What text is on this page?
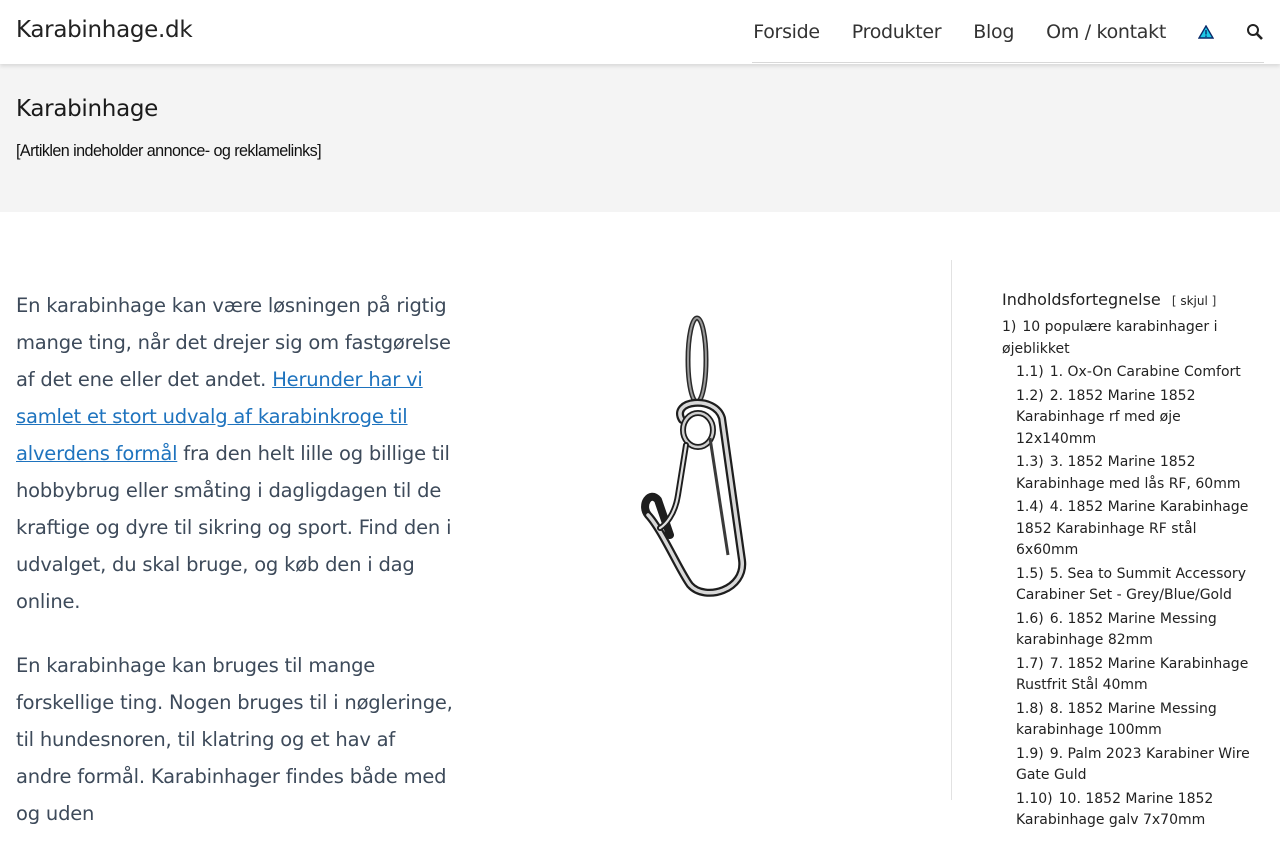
Karabinhage.dk	Forside Produkter Blog Om / kontakt
Karabinhage

[Artiklen indeholder annonce- og reklamelinks]

En karabinhage kan være løsningen på rigtig mange ting, når det drejer sig om fastgørelse af det ene eller det andet. Herunder har vi samlet et stort udvalg af karabinkroge til alverdens formål fra den helt lille og billige til hobbybrug eller småting i dagligdagen til de kraftige og dyre til sikring og sport. Find den i udvalget, du skal bruge, og køb den i dag online.

En karabinhage kan bruges til mange forskellige ting. Nogen bruges til i nøgleringe, til hundesnoren, til klatring og et hav af andre formål. Karabinhager findes både med og uden

Indholdsfortegnelse [ skjul ]
1) 10 populære karabinhager i øjeblikket
1.1) 1. Ox-On Carabine Comfort
1.2) 2. 1852 Marine 1852 Karabinhage rf med øje 12x140mm
1.3) 3. 1852 Marine 1852 Karabinhage med lås RF, 60mm
1.4) 4. 1852 Marine Karabinhage 1852 Karabinhage RF stål 6x60mm
1.5) 5. Sea to Summit Accessory Carabiner Set - Grey/Blue/Gold
1.6) 6. 1852 Marine Messing karabinhage 82mm
1.7) 7. 1852 Marine Karabinhage Rustfrit Stål 40mm
1.8) 8. 1852 Marine Messing karabinhage 100mm
1.9) 9. Palm 2023 Karabiner Wire Gate Guld
1.10) 10. 1852 Marine 1852 Karabinhage galv 7x70mm
